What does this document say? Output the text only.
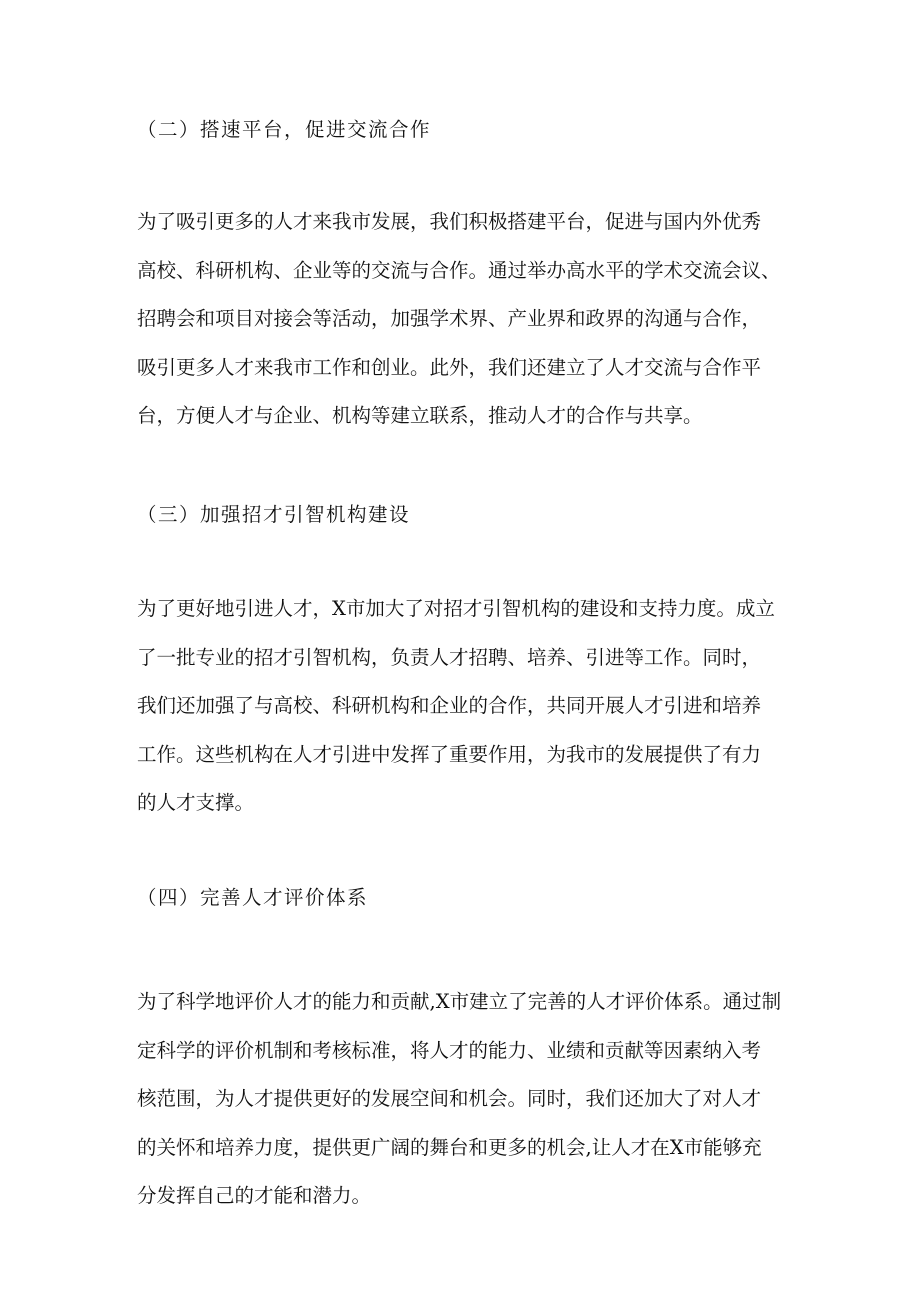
（二）搭速平台，促进交流合作
为了吸引更多的人才来我市发展，我们积极搭建平台，促进与国内外优秀
高校、科研机构、企业等的交流与合作。通过举办高水平的学术交流会议、
招聘会和项目对接会等活动，加强学术界、产业界和政界的沟通与合作，
吸引更多人才来我市工作和创业。此外，我们还建立了人才交流与合作平
台，方便人才与企业、机构等建立联系，推动人才的合作与共享。
（三）加强招才引智机构建设
为了更好地引进人才，X市加大了对招才引智机构的建设和支持力度。成立
了一批专业的招才引智机构，负责人才招聘、培养、引进等工作。同时，
我们还加强了与高校、科研机构和企业的合作，共同开展人才引进和培养
工作。这些机构在人才引进中发挥了重要作用，为我市的发展提供了有力
的人才支撑。
（四）完善人才评价体系
为了科学地评价人才的能力和贡献,X市建立了完善的人才评价体系。通过制
定科学的评价机制和考核标准，将人才的能力、业绩和贡献等因素纳入考
核范围，为人才提供更好的发展空间和机会。同时，我们还加大了对人才
的关怀和培养力度，提供更广阔的舞台和更多的机会,让人才在X市能够充
分发挥自己的才能和潜力。
